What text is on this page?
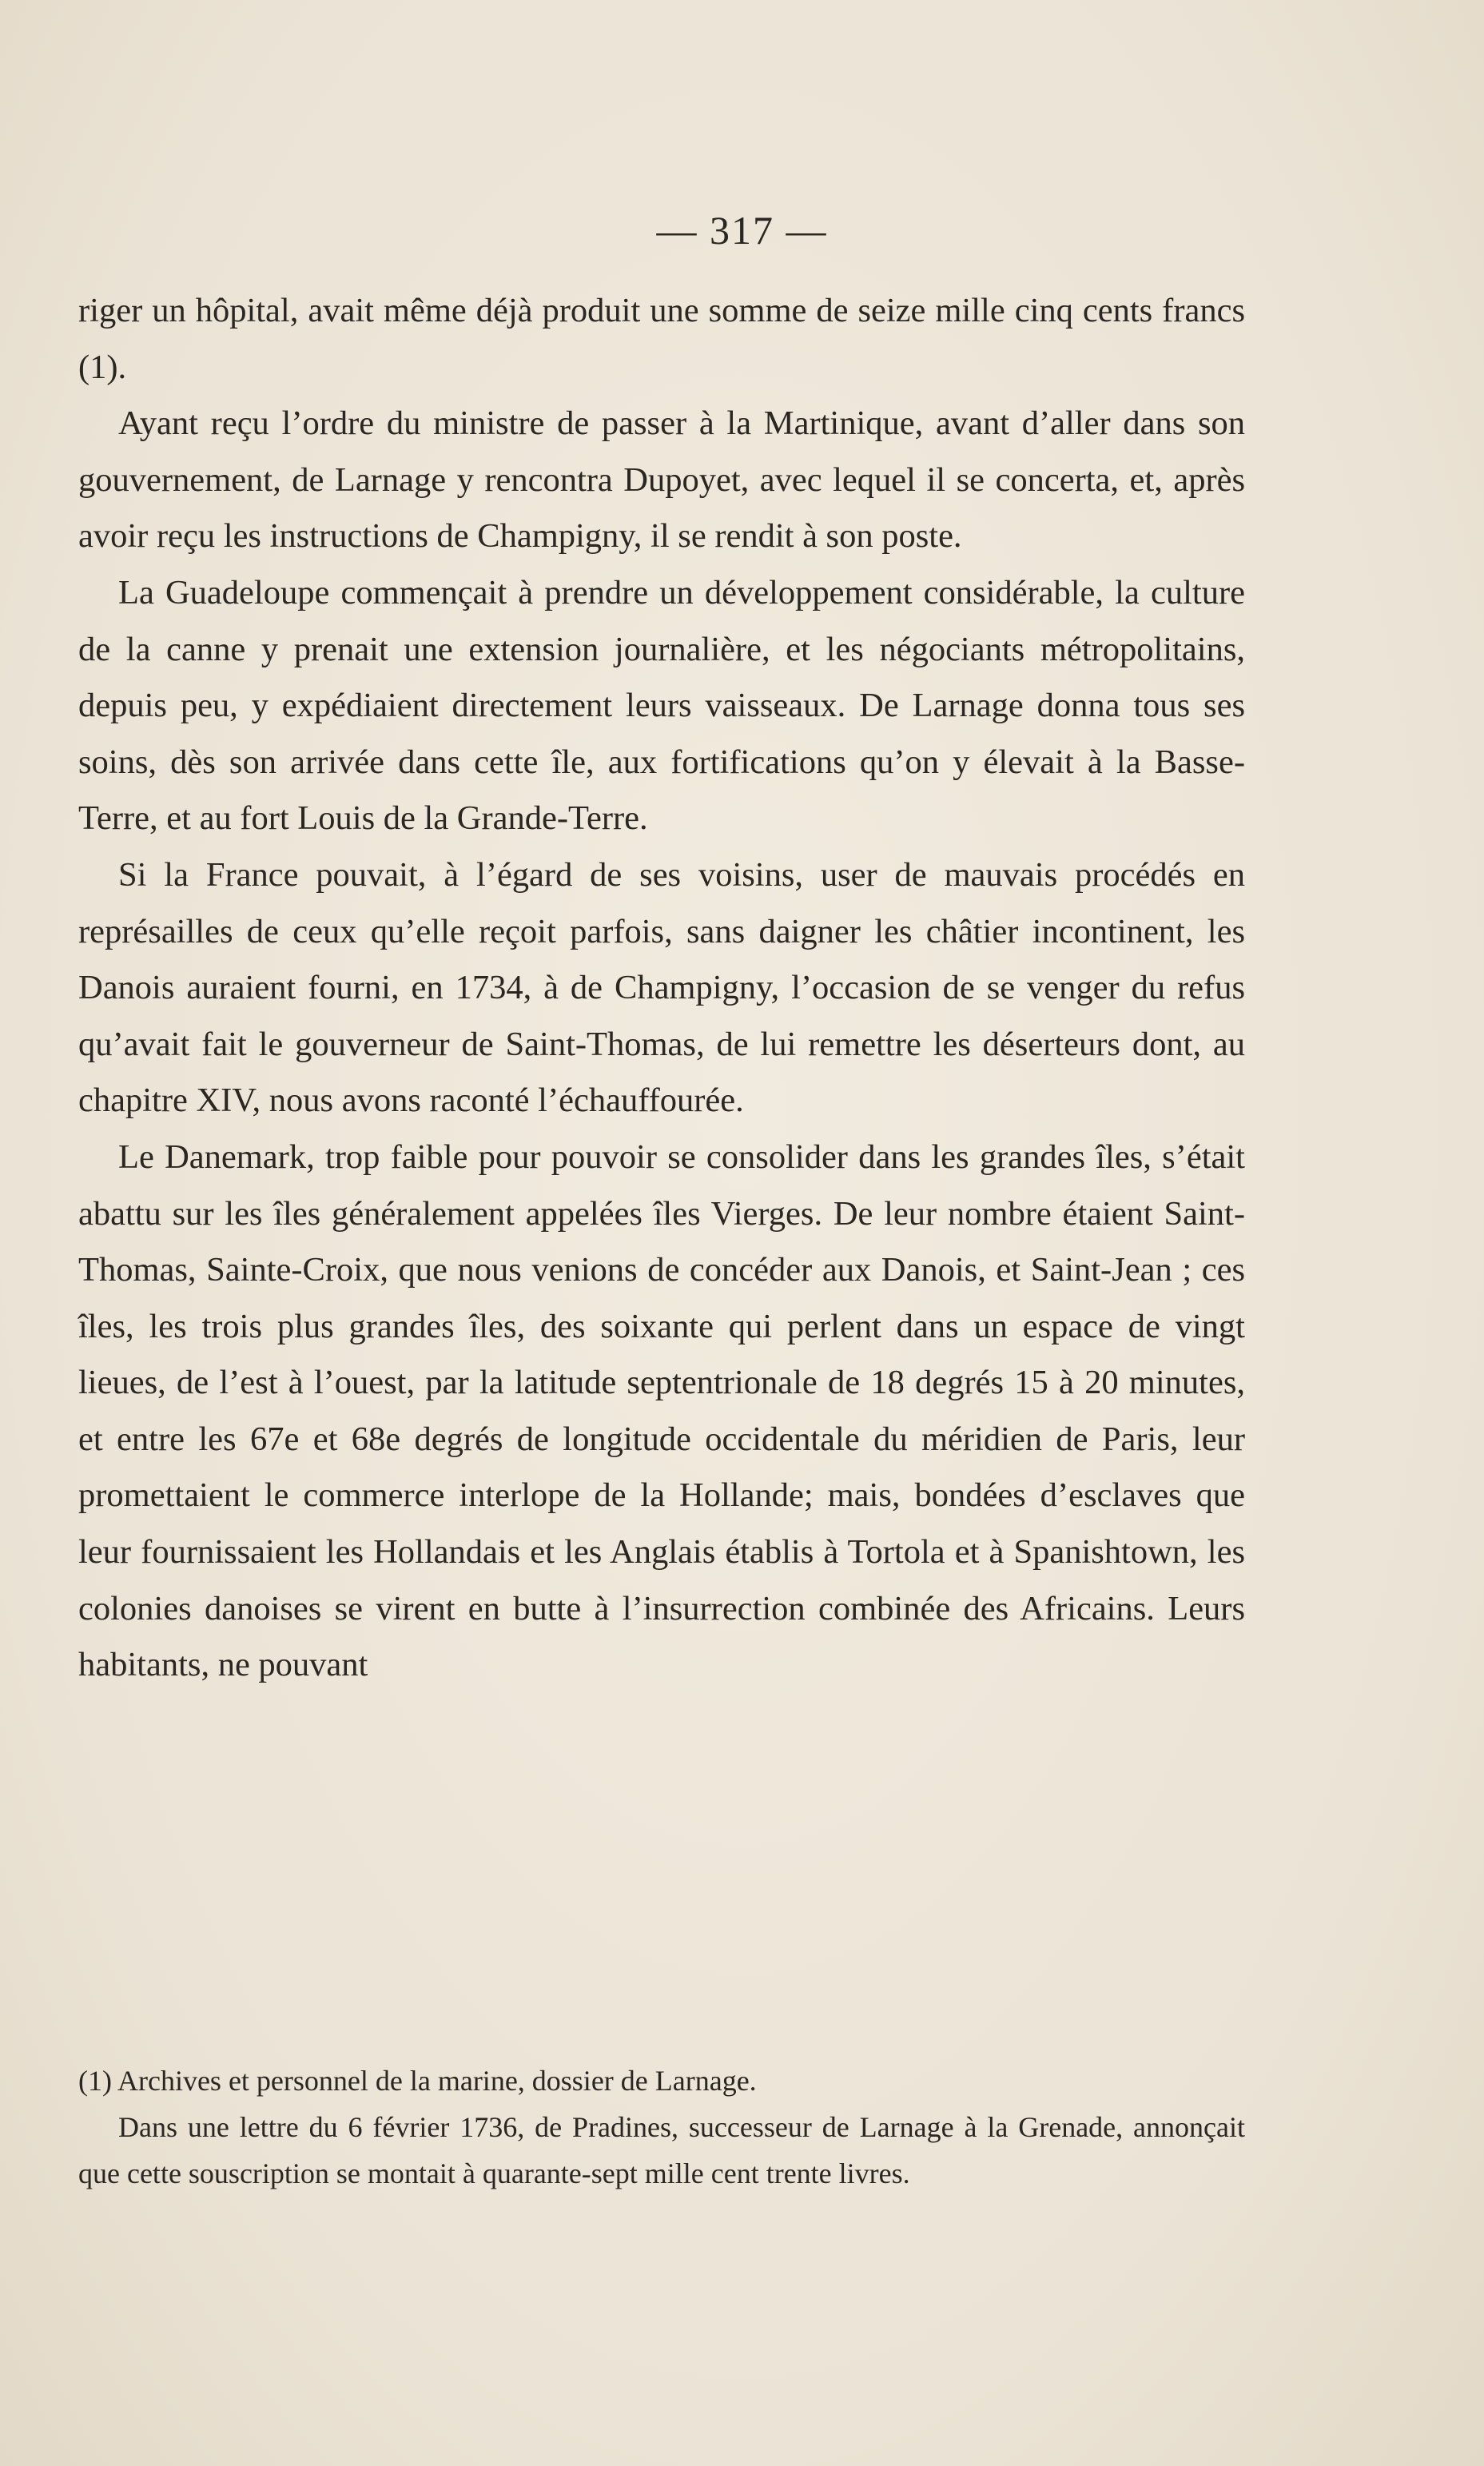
— 317 —

riger un hôpital, avait même déjà produit une somme de seize mille cinq cents francs (1).

Ayant reçu l’ordre du ministre de passer à la Martinique, avant d’aller dans son gouvernement, de Larnage y rencontra Dupoyet, avec lequel il se concerta, et, après avoir reçu les instructions de Champigny, il se rendit à son poste.

La Guadeloupe commençait à prendre un développement considérable, la culture de la canne y prenait une extension journalière, et les négociants métropolitains, depuis peu, y expédiaient directement leurs vaisseaux. De Larnage donna tous ses soins, dès son arrivée dans cette île, aux fortifications qu’on y élevait à la Basse-Terre, et au fort Louis de la Grande-Terre.

Si la France pouvait, à l’égard de ses voisins, user de mauvais procédés en représailles de ceux qu’elle reçoit parfois, sans daigner les châtier incontinent, les Danois auraient fourni, en 1734, à de Champigny, l’occasion de se venger du refus qu’avait fait le gouverneur de Saint-Thomas, de lui remettre les déserteurs dont, au chapitre XIV, nous avons raconté l’échauffourée.

Le Danemark, trop faible pour pouvoir se consolider dans les grandes îles, s’était abattu sur les îles généralement appelées îles Vierges. De leur nombre étaient Saint-Thomas, Sainte-Croix, que nous venions de concéder aux Danois, et Saint-Jean ; ces îles, les trois plus grandes îles, des soixante qui perlent dans un espace de vingt lieues, de l’est à l’ouest, par la latitude septentrionale de 18 degrés 15 à 20 minutes, et entre les 67e et 68e degrés de longitude occidentale du méridien de Paris, leur promettaient le commerce interlope de la Hollande; mais, bondées d’esclaves que leur fournissaient les Hollandais et les Anglais établis à Tortola et à Spanishtown, les colonies danoises se virent en butte à l’insurrection combinée des Africains. Leurs habitants, ne pouvant

(1) Archives et personnel de la marine, dossier de Larnage.

Dans une lettre du 6 février 1736, de Pradines, successeur de Larnage à la Grenade, annonçait que cette souscription se montait à quarante-sept mille cent trente livres.
